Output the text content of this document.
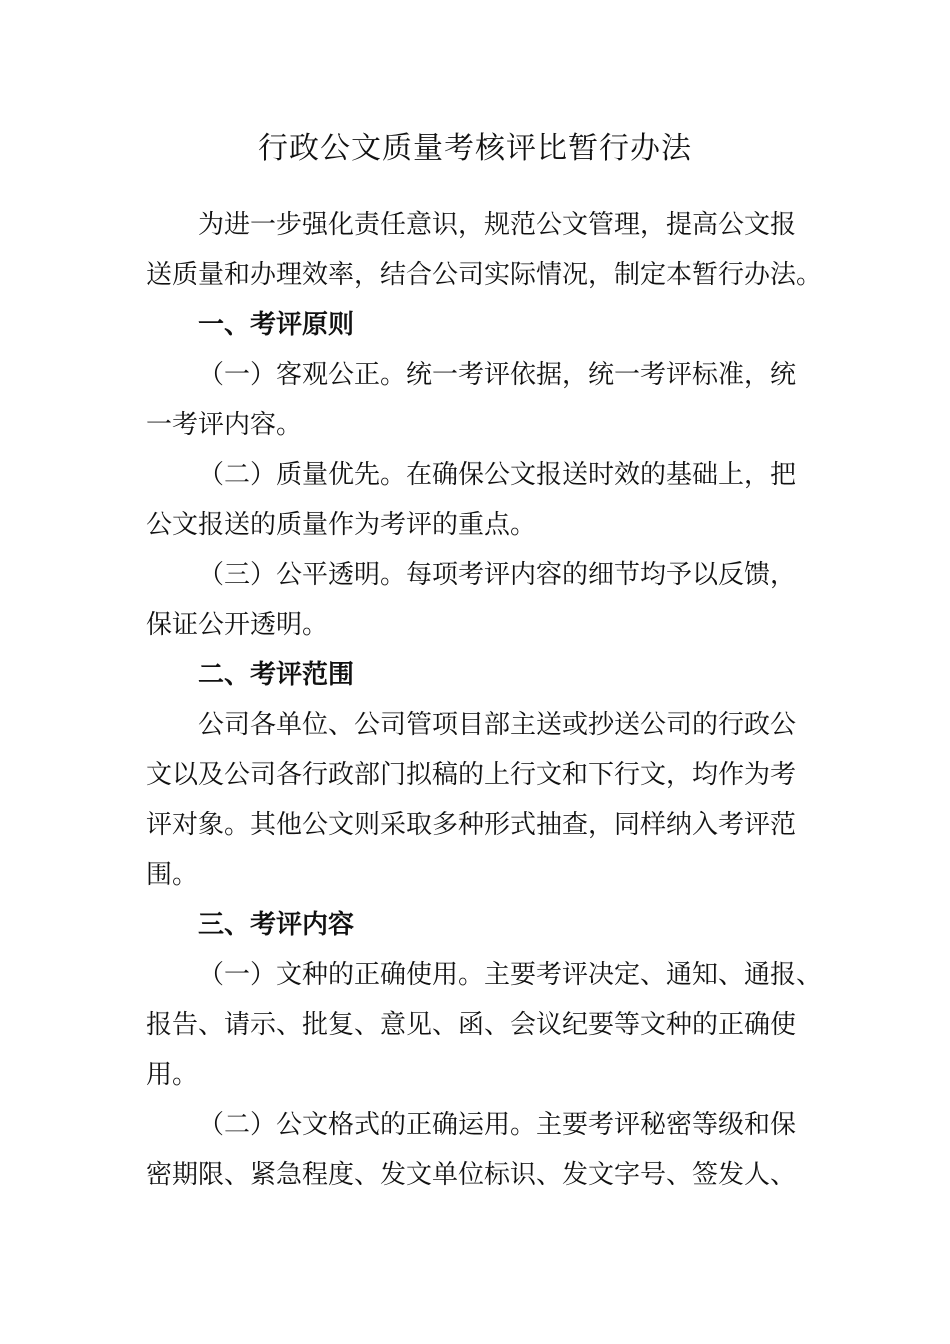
行政公文质量考核评比暂行办法
为进一步强化责任意识，规范公文管理，提高公文报
送质量和办理效率，结合公司实际情况，制定本暂行办法。
一、考评原则
（一）客观公正。统一考评依据，统一考评标准，统
一考评内容。
（二）质量优先。在确保公文报送时效的基础上，把
公文报送的质量作为考评的重点。
（三）公平透明。每项考评内容的细节均予以反馈，
保证公开透明。
二、考评范围
公司各单位、公司管项目部主送或抄送公司的行政公
文以及公司各行政部门拟稿的上行文和下行文，均作为考
评对象。其他公文则采取多种形式抽查，同样纳入考评范
围。
三、考评内容
（一）文种的正确使用。主要考评决定、通知、通报、
报告、请示、批复、意见、函、会议纪要等文种的正确使
用。
（二）公文格式的正确运用。主要考评秘密等级和保
密期限、紧急程度、发文单位标识、发文字号、签发人、
